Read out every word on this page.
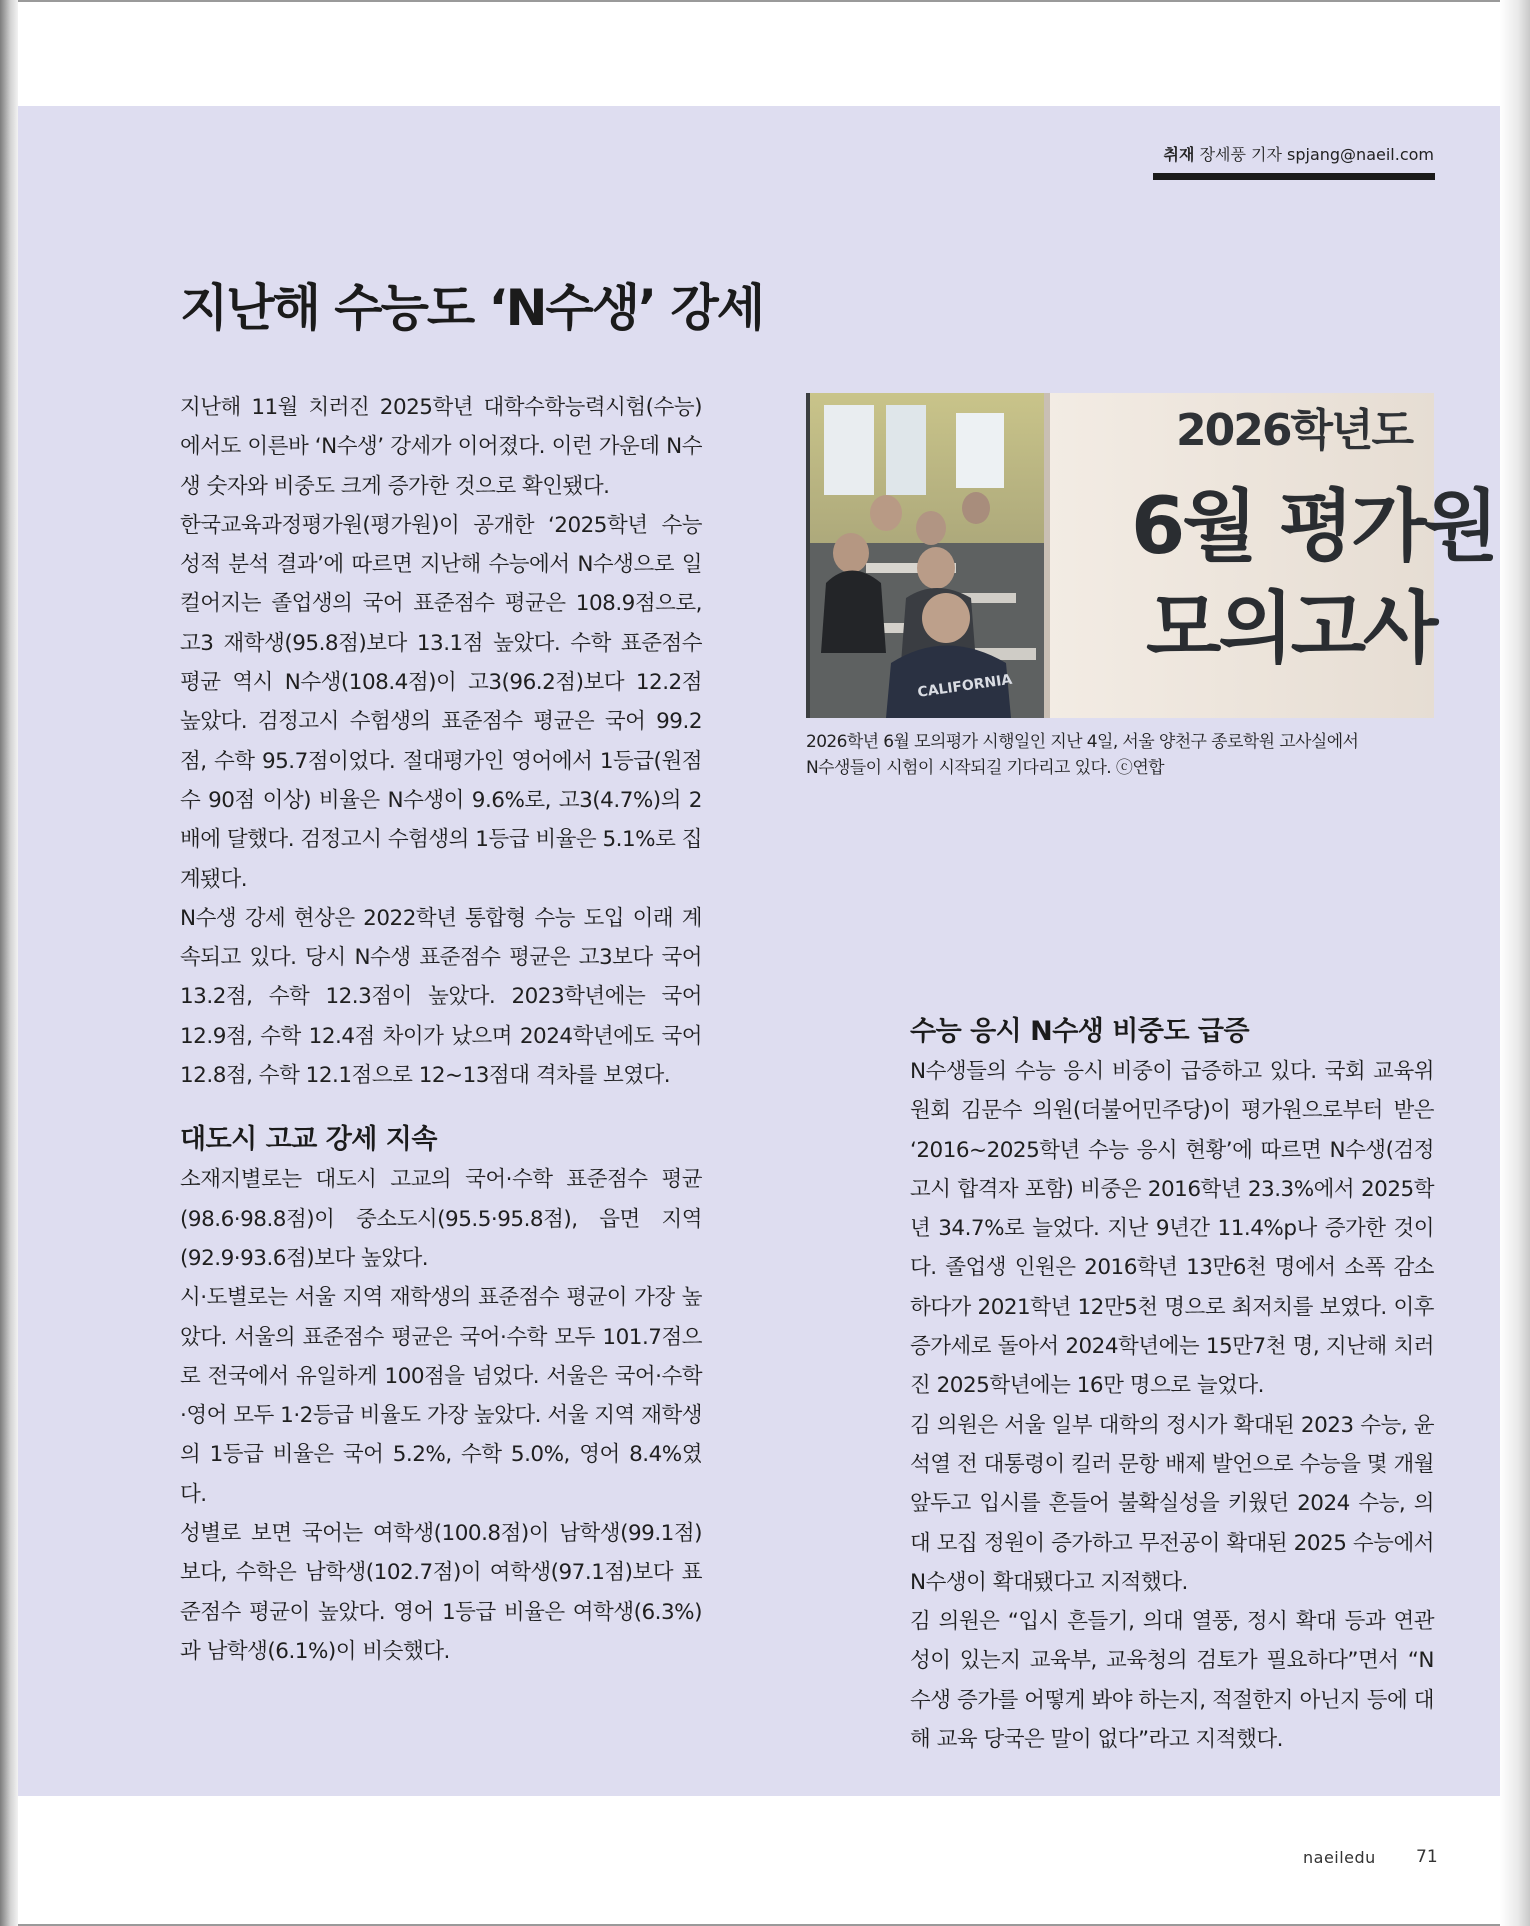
취재 장세풍 기자 spjang@naeil.com
지난해 수능도 ‘N수생’ 강세

지난해 11월 치러진 2025학년 대학수학능력시험(수능)에서도 이른바 ‘N수생’ 강세가 이어졌다. 이런 가운데 N수생 숫자와 비중도 크게 증가한 것으로 확인됐다.

한국교육과정평가원(평가원)이 공개한 ‘2025학년 수능 성적 분석 결과’에 따르면 지난해 수능에서 N수생으로 일컬어지는 졸업생의 국어 표준점수 평균은 108.9점으로, 고3 재학생(95.8점)보다 13.1점 높았다. 수학 표준점수 평균 역시 N수생(108.4점)이 고3(96.2점)보다 12.2점 높았다. 검정고시 수험생의 표준점수 평균은 국어 99.2점, 수학 95.7점이었다. 절대평가인 영어에서 1등급(원점수 90점 이상) 비율은 N수생이 9.6%로, 고3(4.7%)의 2배에 달했다. 검정고시 수험생의 1등급 비율은 5.1%로 집계됐다.

N수생 강세 현상은 2022학년 통합형 수능 도입 이래 계속되고 있다. 당시 N수생 표준점수 평균은 고3보다 국어 13.2점, 수학 12.3점이 높았다. 2023학년에는 국어 12.9점, 수학 12.4점 차이가 났으며 2024학년에도 국어 12.8점, 수학 12.1점으로 12~13점대 격차를 보였다.

대도시 고교 강세 지속

소재지별로는 대도시 고교의 국어·수학 표준점수 평균(98.6·98.8점)이 중소도시(95.5·95.8점), 읍면 지역(92.9·93.6점)보다 높았다.

시·도별로는 서울 지역 재학생의 표준점수 평균이 가장 높았다. 서울의 표준점수 평균은 국어·수학 모두 101.7점으로 전국에서 유일하게 100점을 넘었다. 서울은 국어·수학·영어 모두 1·2등급 비율도 가장 높았다. 서울 지역 재학생의 1등급 비율은 국어 5.2%, 수학 5.0%, 영어 8.4%였다.

성별로 보면 국어는 여학생(100.8점)이 남학생(99.1점)보다, 수학은 남학생(102.7점)이 여학생(97.1점)보다 표준점수 평균이 높았다. 영어 1등급 비율은 여학생(6.3%)과 남학생(6.1%)이 비슷했다.

CALIFORNIA
2026학년도
6월 평가원
모의고사

2026학년 6월 모의평가 시행일인 지난 4일, 서울 양천구 종로학원 고사실에서

N수생들이 시험이 시작되길 기다리고 있다. ⓒ연합

수능 응시 N수생 비중도 급증

N수생들의 수능 응시 비중이 급증하고 있다. 국회 교육위원회 김문수 의원(더불어민주당)이 평가원으로부터 받은 ‘2016~2025학년 수능 응시 현황’에 따르면 N수생(검정고시 합격자 포함) 비중은 2016학년 23.3%에서 2025학년 34.7%로 늘었다. 지난 9년간 11.4%p나 증가한 것이다. 졸업생 인원은 2016학년 13만6천 명에서 소폭 감소하다가 2021학년 12만5천 명으로 최저치를 보였다. 이후 증가세로 돌아서 2024학년에는 15만7천 명, 지난해 치러진 2025학년에는 16만 명으로 늘었다.

김 의원은 서울 일부 대학의 정시가 확대된 2023 수능, 윤석열 전 대통령이 킬러 문항 배제 발언으로 수능을 몇 개월 앞두고 입시를 흔들어 불확실성을 키웠던 2024 수능, 의대 모집 정원이 증가하고 무전공이 확대된 2025 수능에서 N수생이 확대됐다고 지적했다.

김 의원은 “입시 흔들기, 의대 열풍, 정시 확대 등과 연관성이 있는지 교육부, 교육청의 검토가 필요하다”면서 “N수생 증가를 어떻게 봐야 하는지, 적절한지 아닌지 등에 대해 교육 당국은 말이 없다”라고 지적했다.

naeiledu 71
